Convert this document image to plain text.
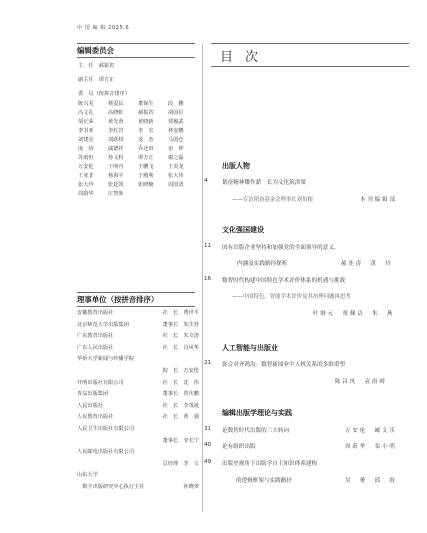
中 国 编 辑 2025.6
编辑委员会
主　任　郝振省
副主任　谭方正
委　员（按拼音排序）
陈兴芜	蔡爱民	董保生	段　鹏
冯文礼	高晓虹	郝振省	胡国臣
胡正荣	黄先蓉	黄晓新	贾履武
李书亚	李红岩	李　宏	林安鹏
刘建亮	刘跃权	龙　杰	马国仓
庞　钧	戚德祥	乔还田	宙　仲
苏雨恒	孙文科	谭方正	谢之磊
万安伦	王明舟	王鹏飞	王炎龙
王亚非	杨海平	于殿利	张大伟
张大玲	张廷凯	张晓楠	周国清
周蔚华	庄智象
理事单位（按拼音排序）
安徽教育出版社	社　长　费世平
北京师范大学出版集团	董事长　朱生营
广东教育出版社	社　长　朱文清
广东人民出版社	社　长　肖风华
华侨大学新闻与传播学院
院　长　万安伦
开明出版社有限公司	社　长　沈　伟
青岛出版集团	董事长　贾庆鹏
人民出版社	社　长　李茂晟
人民教育出版社	社　长　黄　强
人民卫生出版社有限公司
董事长　李长宁
人民邮电出版社有限公司
总经理　李　文
山东大学
　数字出版研究中心执行主任	孙晓翠
目次
出版人物
4	韬奋精神耀作薪　长为文化筑津梁
——专访韬奋基金会理事长刘伯根	本刊编辑部
文化强国建设
11 国有出版企业坚持和加强党的全面领导的意义、
内涵及实践路径探析	郝连涛　黄　玲
16 数智时代构建中国特色学术评价体系的机遇与挑战
——中国特色、智能学术评价及其治理问题再思考
叶继元　贾佩洁　朱　燕
人工智能与出版业
21 弥合对齐鸿沟：数智新闻业中人机关系的多维重塑
陈昌凤　袁雨晴
编辑出版学理论与实践
31 论数智时代出版的三大转向	万安伦　臧文乐
40 论有组织出版	周蔚华　栾小明
49 出版史视角下出版学自主知识体系建构
的逻辑框架与实践路径	吴　赟　邱　叙
